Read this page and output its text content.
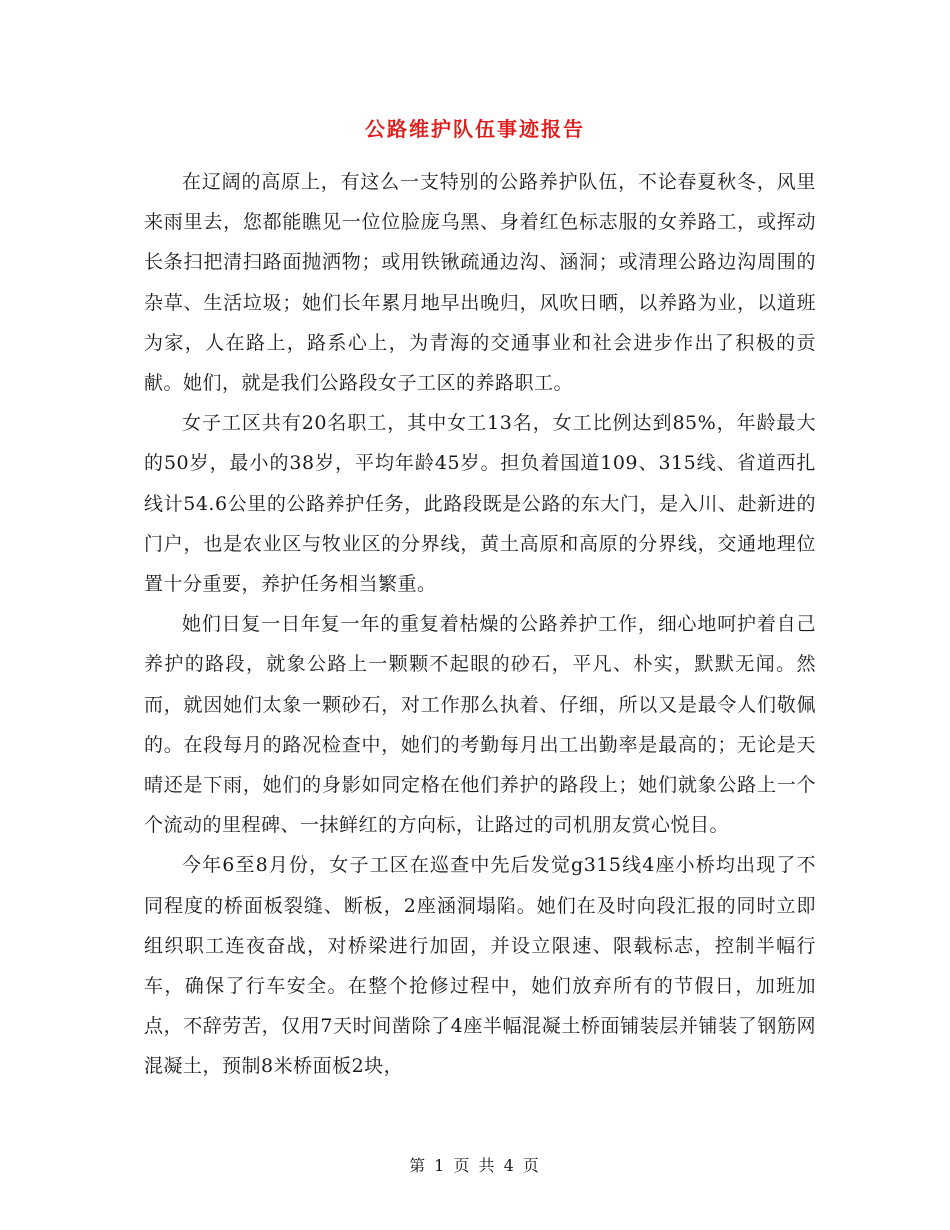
公路维护队伍事迹报告

在辽阔的高原上，有这么一支特别的公路养护队伍，不论春夏秋冬，风里来雨里去，您都能瞧见一位位脸庞乌黑、身着红色标志服的女养路工，或挥动长条扫把清扫路面抛洒物；或用铁锹疏通边沟、涵洞；或清理公路边沟周围的杂草、生活垃圾；她们长年累月地早出晚归，风吹日晒，以养路为业，以道班为家，人在路上，路系心上，为青海的交通事业和社会进步作出了积极的贡献。她们，就是我们公路段女子工区的养路职工。

女子工区共有20名职工，其中女工13名，女工比例达到85%，年龄最大的50岁，最小的38岁，平均年龄45岁。担负着国道109、315线、省道西扎线计54.6公里的公路养护任务，此路段既是公路的东大门，是入川、赴新进的门户，也是农业区与牧业区的分界线，黄土高原和高原的分界线，交通地理位置十分重要，养护任务相当繁重。

她们日复一日年复一年的重复着枯燥的公路养护工作，细心地呵护着自己养护的路段，就象公路上一颗颗不起眼的砂石，平凡、朴实，默默无闻。然而，就因她们太象一颗砂石，对工作那么执着、仔细，所以又是最令人们敬佩的。在段每月的路况检查中，她们的考勤每月出工出勤率是最高的；无论是天晴还是下雨，她们的身影如同定格在他们养护的路段上；她们就象公路上一个个流动的里程碑、一抹鲜红的方向标，让路过的司机朋友赏心悦目。

今年6至8月份，女子工区在巡查中先后发觉g315线4座小桥均出现了不同程度的桥面板裂缝、断板，2座涵洞塌陷。她们在及时向段汇报的同时立即组织职工连夜奋战，对桥梁进行加固，并设立限速、限载标志，控制半幅行车，确保了行车安全。在整个抢修过程中，她们放弃所有的节假日，加班加点，不辞劳苦，仅用7天时间凿除了4座半幅混凝土桥面铺装层并铺装了钢筋网混凝土，预制8米桥面板2块，

第 1 页 共 4 页
